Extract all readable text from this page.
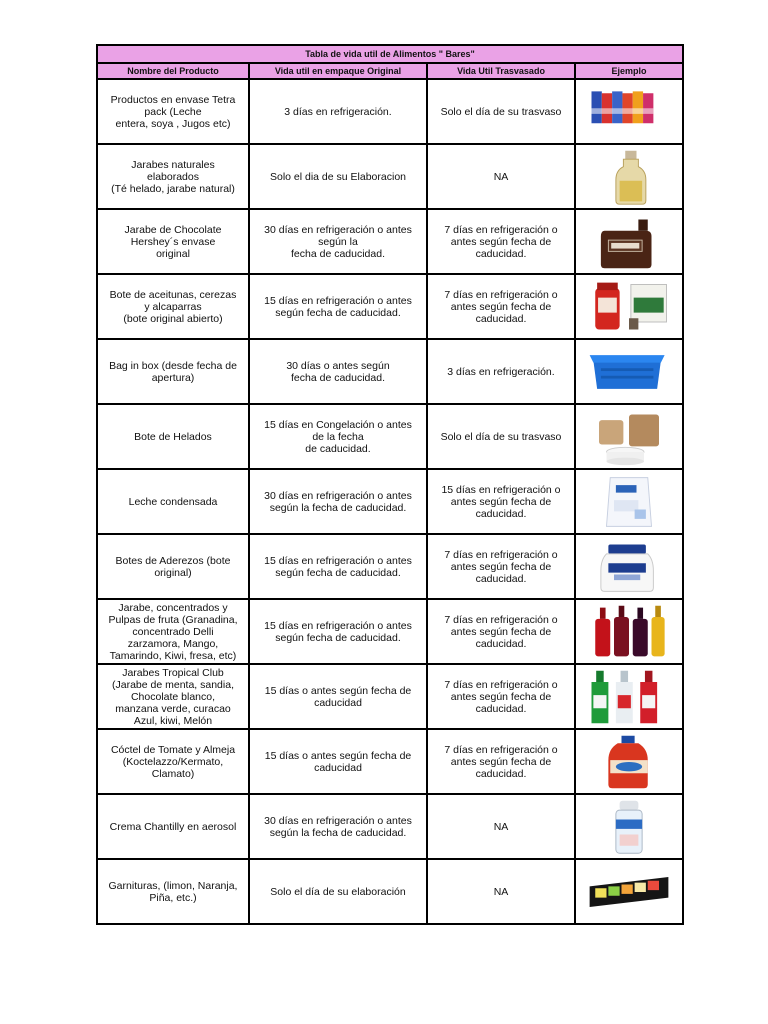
Tabla de vida util de Alimentos " Bares"			
Nombre del Producto	Vida util en empaque Original	Vida Util Trasvasado	Ejemplo

Productos en envase Tetra
pack (Leche
entera, soya , Jugos etc)	3 días en refrigeración.	Solo el día de su trasvaso

Jarabes naturales
elaborados
(Té helado, jarabe natural)	Solo el dia de su Elaboracion	NA

Jarabe de Chocolate
Hershey´s envase
original	30 días en refrigeración o antes
según la
fecha de caducidad.	7 días en refrigeración o
antes según fecha de
caducidad.

Bote de aceitunas, cerezas
y alcaparras
(bote original abierto)	15 días en refrigeración o antes
según fecha de caducidad.	7 días en refrigeración o
antes según fecha de
caducidad.

Bag in box (desde fecha de
apertura)	30 días o antes según
fecha de caducidad.	3 días en refrigeración.

Bote de Helados	15 días en Congelación o antes
de la fecha
de caducidad.	Solo el día de su trasvaso

Leche condensada	30 días en refrigeración o antes
según la fecha de caducidad.	15 días en refrigeración o
antes según fecha de
caducidad.

Botes de Aderezos (bote
original)	15 días en refrigeración o antes
según fecha de caducidad.	7 días en refrigeración o
antes según fecha de
caducidad.

Jarabe, concentrados y
Pulpas de fruta (Granadina,
concentrado Delli
zarzamora, Mango,
Tamarindo, Kiwi, fresa, etc)	15 días en refrigeración o antes
según fecha de caducidad.	7 días en refrigeración o
antes según fecha de
caducidad.

Jarabes Tropical Club
(Jarabe de menta, sandia,
Chocolate blanco,
manzana verde, curacao
Azul, kiwi, Melón	15 días o antes según fecha de
caducidad	7 días en refrigeración o
antes según fecha de
caducidad.

Cóctel de Tomate y Almeja
(Koctelazzo/Kermato,
Clamato)	15 días o antes según fecha de
caducidad	7 días en refrigeración o
antes según fecha de
caducidad.

Crema Chantilly en aerosol	30 días en refrigeración o antes
según la fecha de caducidad.	NA

Garnituras, (limon, Naranja,
Piña, etc.)	Solo el día de su elaboración	NA
